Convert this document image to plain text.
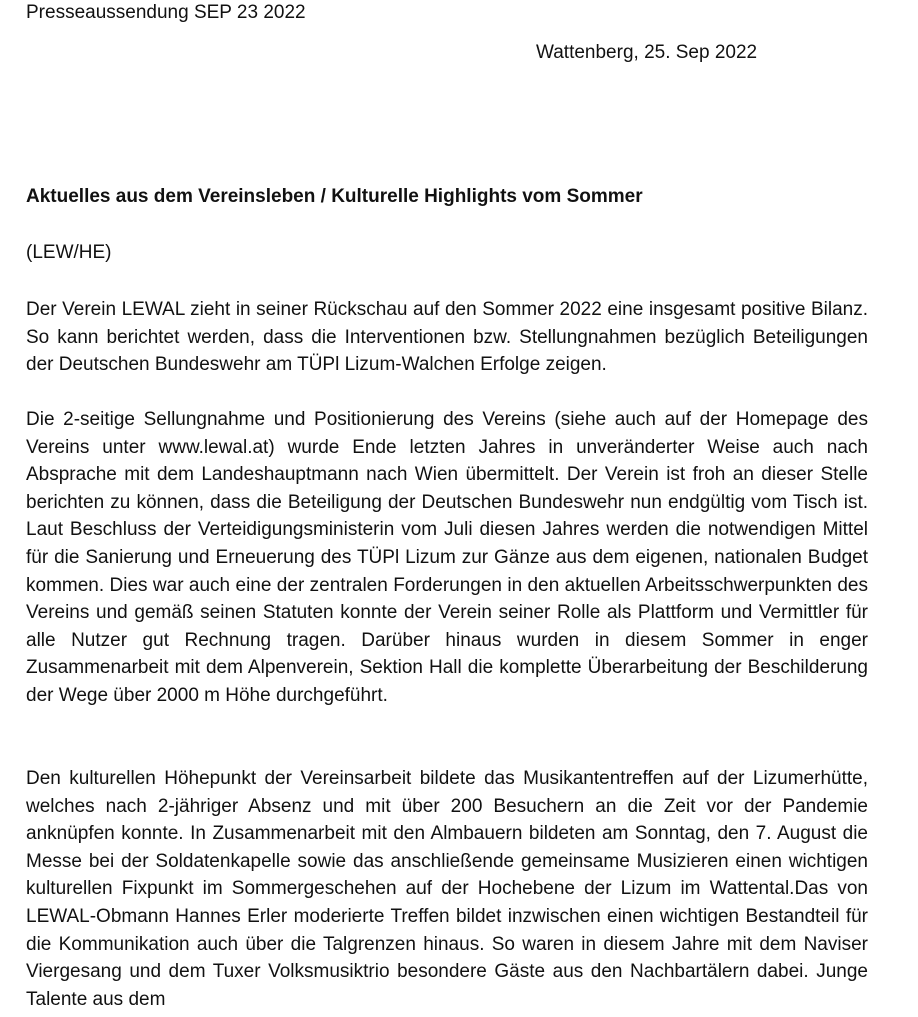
Presseaussendung SEP 23 2022
Wattenberg, 25. Sep 2022
Aktuelles aus dem Vereinsleben / Kulturelle Highlights vom Sommer
(LEW/HE)

Der Verein LEWAL zieht in seiner Rückschau auf den Sommer 2022 eine insgesamt positive Bilanz. So kann berichtet werden, dass die Interventionen bzw. Stellungnahmen bezüglich Beteiligungen der Deutschen Bundeswehr am TÜPl Lizum-Walchen Erfolge zeigen.

Die 2-seitige Sellungnahme und Positionierung des Vereins (siehe auch auf der Homepage des Vereins unter www.lewal.at) wurde Ende letzten Jahres in unveränderter Weise auch nach Absprache mit dem Landeshauptmann nach Wien übermittelt. Der Verein ist froh an dieser Stelle berichten zu können, dass die Beteiligung der Deutschen Bundeswehr nun endgültig vom Tisch ist. Laut Beschluss der Verteidigungsministerin vom Juli diesen Jahres werden die notwendigen Mittel für die Sanierung und Erneuerung des TÜPl Lizum zur Gänze aus dem eigenen, nationalen Budget kommen. Dies war auch eine der zentralen Forderungen in den aktuellen Arbeitsschwerpunkten des Vereins und gemäß seinen Statuten konnte der Verein seiner Rolle als Plattform und Vermittler für alle Nutzer gut Rechnung tragen. Darüber hinaus wurden in diesem Sommer in enger Zusammenarbeit mit dem Alpenverein, Sektion Hall die komplette Überarbeitung der Beschilderung der Wege über 2000 m Höhe durchgeführt.

Den kulturellen Höhepunkt der Vereinsarbeit bildete das Musikantentreffen auf der Lizumerhütte, welches nach 2-jähriger Absenz und mit über 200 Besuchern an die Zeit vor der Pandemie anknüpfen konnte. In Zusammenarbeit mit den Almbauern bildeten am Sonntag, den 7. August die Messe bei der Soldatenkapelle sowie das anschließende gemeinsame Musizieren einen wichtigen kulturellen Fixpunkt im Sommergeschehen auf der Hochebene der Lizum im Wattental.Das von LEWAL-Obmann Hannes Erler moderierte Treffen bildet inzwischen einen wichtigen Bestandteil für die Kommunikation auch über die Talgrenzen hinaus. So waren in diesem Jahre mit dem Naviser Viergesang und dem Tuxer Volksmusiktrio besondere Gäste aus den Nachbartälern dabei. Junge Talente aus dem
